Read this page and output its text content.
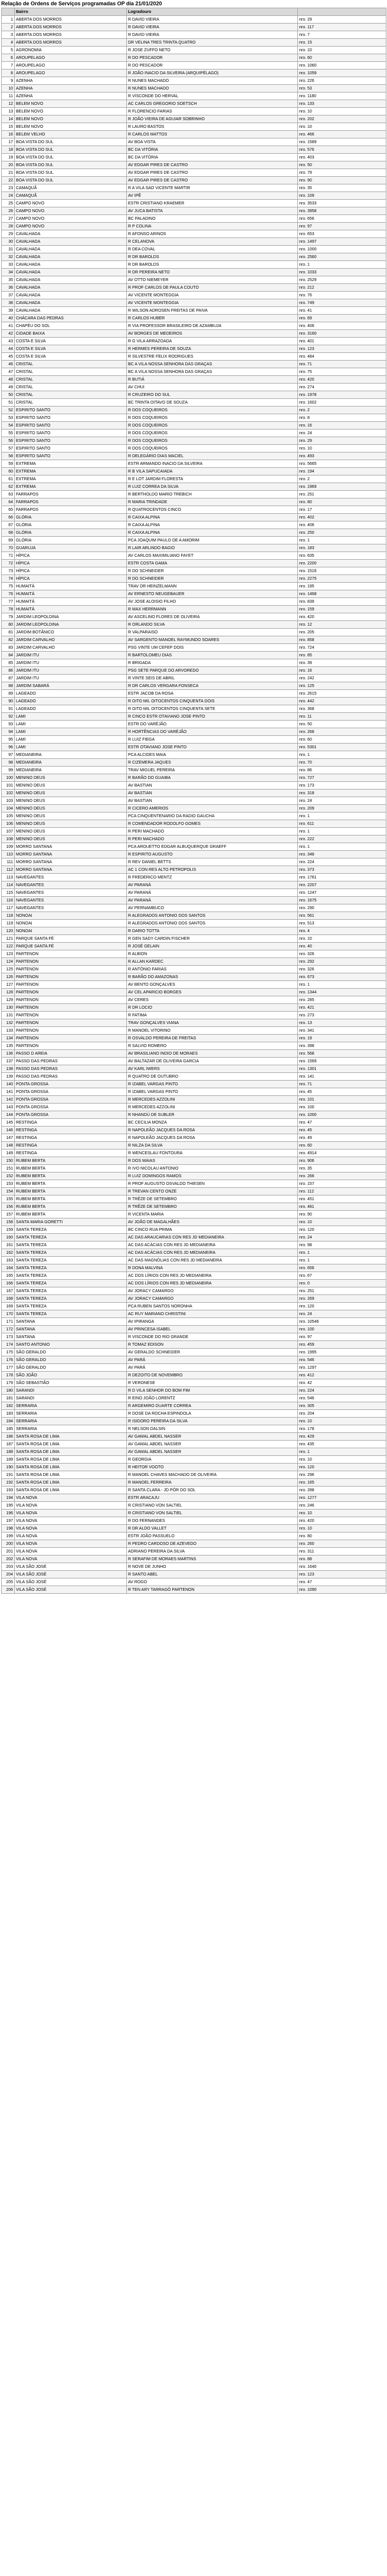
Relação de Ordens de Serviços programadas OP dia 21/01/2020
	Bairro	Logradouro	
1	ABERTA DOS MORROS	R DAVID VIEIRA	nro. 29
2	ABERTA DOS MORROS	R DAVID VIEIRA	nro. 117
3	ABERTA DOS MORROS	R DAVID VIEIRA	nro. 7
4	ABERTA DOS MORROS	DR VELINA TRES TRINTA QUATRO	nro. 15
5	AGRONOMIA	R JOSE ZUFFO NETO	nro. 10
6	AROUPELAGO	R DO PESCADOR	nro. 60
7	AROUPELAGO	R DO PESCADOR	nro. 1060
8	AROUPELAGO	R JOÃO INACIO DA SILVEIRA (ARQUIPÉLAGO)	nro. 1059
9	AZENHA	R NUNES MACHADO	nro. 226
10	AZENHA	R NUNES MACHADO	nro. 53
11	AZENHA	R VISCONDE DO HERVAL	nro. 1180
12	BELEM NOVO	AC CARLOS GREGORIO SOETSCH	nro. 133
13	BELEM NOVO	R FLORENCIO FARIAS	nro. 10
14	BELEM NOVO	R JOÃO VIEIRA DE AGUIAR SOBRINHO	nro. 202
15	BELEM NOVO	R LAURO BASTOS	nro. 10
16	BELEM VELHO	R CARLOS MATTOS	nro. 466
17	BOA VISTA DO SUL	AV BOA VISTA	nro. 1589
18	BOA VISTA DO SUL	BC DA VITÓRIA	nro. 576
19	BOA VISTA DO SUL	BC DA VITÓRIA	nro. 403
20	BOA VISTA DO SUL	AV EDGAR PIRES DE CASTRO	nro. 50
21	BOA VISTA DO SUL	AV EDGAR PIRES DE CASTRO	nro. 79
22	BOA VISTA DO SUL	AV EDGAR PIRES DE CASTRO	nro. 90
23	CAMAQUÃ	R A VILA SAO VICENTE MARTIR	nro. 35
24	CAMAQUÃ	AV IPÊ	nro. 109
25	CAMPO NOVO	ESTR CRISTIANO KRAEMER	nro. 3533
26	CAMPO NOVO	AV JUCA BATISTA	nro. 3958
27	CAMPO NOVO	BC PALADINO	nro. 656
28	CAMPO NOVO	R P COLINA	nro. 97
29	CAVALHADA	R AFONSO ARINOS	nro. 653
30	CAVALHADA	R CELANOVA	nro. 1497
31	CAVALHADA	R DEA COVAL	nro. 1000
32	CAVALHADA	R DR BAROLDS	nro. 2560
33	CAVALHADA	R DR BAROLDS	nro. 1
34	CAVALHADA	R DR PEREIRA NETO	nro. 1033
35	CAVALHADA	AV OTTO NIEMEYER	nro. 2529
36	CAVALHADA	R PROF CARLOS DE PAULA COUTO	nro. 212
37	CAVALHADA	AV VICENTE MONTEGGIA	nro. 76
38	CAVALHADA	AV VICENTE MONTEGGIA	nro. 749
39	CAVALHADA	R WILSON ADROSEN FREITAS DE PAIVA	nro. 41
40	CHÁCARA DAS PEDRAS	R CARLOS HUBER	nro. 69
41	CHAPÉU DO SOL	R VIA PROFESSOR BRASILEIRO DE AZAMBUJA	nro. 406
42	CIDADE BAIXA	AV BORGES DE MEDEIROS	nro. 3160
43	COSTA E SILVA	R G VILA ARRAZOADA	nro. 401
44	COSTA E SILVA	R HERMES PEREIRA DE SOUZA	nro. 123
45	COSTA E SILVA	R SILVESTRE FELIX RODRIGUES	nro. 484
46	CRISTAL	BC A VILA NOSSA SENHORA DAS GRAÇAS	nro. 71
47	CRISTAL	BC A VILA NOSSA SENHORA DAS GRAÇAS	nro. 75
48	CRISTAL	R BUTIÁ	nro. 420
49	CRISTAL	AV CHUI	nro. 274
50	CRISTAL	R CRUZEIRO DO SUL	nro. 1978
51	CRISTAL	BC TRINTA OITAVO DE SOUZA	nro. 1602
52	ESPIRITO SANTO	R DOS COQUEIROS	nro. 2
53	ESPIRITO SANTO	R DOS COQUEIROS	nro. 8
54	ESPIRITO SANTO	R DOS COQUEIROS	nro. 16
55	ESPIRITO SANTO	R DOS COQUEIROS	nro. 24
56	ESPIRITO SANTO	R DOS COQUEIROS	nro. 29
57	ESPIRITO SANTO	R DOS COQUEIROS	nro. 10
58	ESPIRITO SANTO	R DELEGÁRIO DIAS MACIEL	nro. 493
59	EXTREMA	ESTR ARMANDO INACIO DA SILVEIRA	nro. 5665
60	EXTREMA	R B VILA SAPUCAIADA	nro. 194
61	EXTREMA	R E LOT JARDIM FLORESTA	nro. 2
62	EXTREMA	R LUIZ CORREA DA SILVA	nro. 1969
63	FARRAPOS	R BERTHOLDO MARIO TREBICH	nro. 251
64	FARRAPOS	R MARIA TRINDADE	nro. 80
65	FARRAPOS	R QUATROCENTOS CINCO	nro. 17
66	GLÓRIA	R CAIXA ALPINA	nro. 402
67	GLÓRIA	R CAIXA ALPINA	nro. 406
68	GLÓRIA	R CAIXA ALPINA	nro. 250
69	GLÓRIA	PCA JOAQUIM PAULO DE A AMORIM	nro. 1
70	GUARUJA	R LAIR ARLINDO BAGIO	nro. 183
71	HÍPICA	AV CARLOS MAXIMILIANO FAYET	nro. 635
72	HÍPICA	ESTR COSTA GAMA	nro. 2200
73	HÍPICA	R DO SCHNEIDER	nro. 1516
74	HÍPICA	R DO SCHNEIDER	nro. 2275
75	HUMAITÁ	TRAV DR HEINZELMANN	nro. 195
76	HUMAITÁ	AV ERNESTO NEUGEBAUER	nro. 1468
77	HUMAITÁ	AV JOSE ALOISIO FILHO	nro. 839
78	HUMAITÁ	R MAX HERRMANN	nro. 159
79	JARDIM LEOPOLDINA	AV ASCELINO FLORES DE OLIVEIRA	nro. 420
80	JARDIM LEOPOLDINA	R ORLANDO SILVA	nro. 12
81	JARDIM BOTÂNICO	R VALPARAISO	nro. 205
82	JARDIM CARVALHO	AV SARGENTO MANOEL RAYMUNDO SOARES	nro. 858
83	JARDIM CARVALHO	PSG VINTE UM CEFEP DOIS	nro. 724
84	JARDIM ITU	R BARTOLOMEU DIAS	nro. 85
85	JARDIM ITU	R BRIGADA	nro. 39
86	JARDIM ITU	PSG SETE PARQUE DO ARVOREDO	nro. 16
87	JARDIM ITU	R VINTE SEIS DE ABRIL	nro. 242
88	JARDIM SABARÁ	R DR CARLOS VERGARA FONSECA	nro. 125
89	LAGEADO	ESTR JACOB DA ROSA	nro. 2615
90	LAGEADO	R OITO MIL OITOCENTOS CINQUENTA DOIS	nro. 442
91	LAGEADO	R OITO MIL OITOCENTOS CINQUENTA SETE	nro. 368
92	LAMI	R CINCO ESTR OTAVIANO JOSE PINTO	nro. 11
93	LAMI	ESTR DO VARÉJÃO	nro. 50
94	LAMI	R HORTÊNCIAS DO VARÉJÃO	nro. 268
95	LAMI	R LUIZ FIEGA	nro. 60
96	LAMI	ESTR OTAVIANO JOSE PINTO	nro. 5301
97	MEDIANEIRA	PCA ALCIDES MAIA	nro. 1
98	MEDIANEIRA	R CIZEMERA JAQUES	nro. 70
99	MEDIANEIRA	TRAV MIGUEL PEREIRA	nro. 86
100	MENINO DEUS	R BARÃO DO GUAIBA	nro. 727
101	MENINO DEUS	AV BASTIAN	nro. 173
102	MENINO DEUS	AV BASTIAN	nro. 318
103	MENINO DEUS	AV BASTIAN	nro. 24
104	MENINO DEUS	R CICERO AMERIOS	nro. 209
105	MENINO DEUS	PCA CINQUENTENARIO DA RADIO GAUCHA	nro. 1
106	MENINO DEUS	R COMENDADOR RODOLFO GOMES	nro. 611
107	MENINO DEUS	R PERI MACHADO	nro. 1
108	MENINO DEUS	R PERI MACHADO	nro. 222
109	MORRO SANTANA	PCA AROUETTO EDGAR ALBUQUERQUE GRAEFF	nro. 1
110	MORRO SANTANA	R ESPIRITO AUGUSTO	nro. 348
111	MORRO SANTANA	R REV DANIEL BETTS	nro. 224
112	MORRO SANTANA	AC 1 CON RES ALTO PETROPOLIS	nro. 373
113	NAVEGANTES	R FREDERICO MENTZ	nro. 1761
114	NAVEGANTES	AV PARANÁ	nro. 2207
115	NAVEGANTES	AV PARANÁ	nro. 1247
116	NAVEGANTES	AV PARANÁ	nro. 1675
117	NAVEGANTES	AV PERNAMBUCO	nro. 290
118	NONOAI	R ALEGRADOS ANTONIO DOS SANTOS	nro. 561
119	NONOAI	R ALEGRADOS ANTONIO DOS SANTOS	nro. 513
120	NONOAI	R DARIO TOTTA	nro. 4
121	PARQUE SANTA FÉ	R GEN SADY CARDIN FISCHER	nro. 10
122	PARQUE SANTA FÉ	R JOSÉ GELAIN	nro. 40
123	PARTENON	R ALBION	nro. 326
124	PARTENON	R ALLAN KARDEC	nro. 292
125	PARTENON	R ANTÔNIO FARIAS	nro. 326
126	PARTENON	R BARÃO DO AMAZONAS	nro. 673
127	PARTENON	AV BENTO GONÇALVES	nro. 1
128	PARTENON	AV CEL APARICIO BORGES	nro. 1344
129	PARTENON	AV CERES	nro. 285
130	PARTENON	R DR LOCIO	nro. 421
131	PARTENON	R FATIMA	nro. 273
132	PARTENON	TRAV GONÇALVES VIANA	nro. 13
133	PARTENON	R MANOEL VITORINO	nro. 341
134	PARTENON	R OSVALDO PEREIRA DE FREITAS	nro. 19
135	PARTENON	R SALVIO ROMERO	nro. 398
136	PASSO D AREIA	AV BRASILIANO INDIO DE MORAES	nro. 568
137	PASSO DAS PEDRAS	AV BALTAZAR DE OLIVEIRA GARCIA	nro. 1569
138	PASSO DAS PEDRAS	AV KARL IWERS	nro. 1301
139	PASSO DAS PEDRAS	R QUATRO DE OUTUBRO	nro. 141
140	PONTA GROSSA	R IZABEL VARGAS PINTO	nro. 71
141	PONTA GROSSA	R IZABEL VARGAS PINTO	nro. 45
142	PONTA GROSSA	R MERCEDES AZZOLINI	nro. 101
143	PONTA GROSSA	R MERCEDES AZZOLINI	nro. 100
144	PONTA GROSSA	R NHANDÚ DE SUBLER	nro. 1000
145	RESTINGA	BC CECILIA MONZA	nro. 47
146	RESTINGA	R NAPOLEÃO JACQUES DA ROSA	nro. 45
147	RESTINGA	R NAPOLEÃO JACQUES DA ROSA	nro. 49
148	RESTINGA	R NILZA DA SILVA	nro. 60
149	RESTINGA	R WENCESLAU FONTOURA	nro. 4914
150	RUBEM BERTA	R DOS MAIAS	nro. 906
151	RUBEM BERTA	R IVO NICOLAU ANTONIO	nro. 35
152	RUBEM BERTA	R LUIZ DOMINGOS RAMOS	nro. 266
153	RUBEM BERTA	R PROF AUGUSTO OSVALDO THIESEN	nro. 157
154	RUBEM BERTA	R TREVAN CENTO ONZE	nro. 112
155	RUBEM BERTA	R TRÊZE DE SETEMBRO	nro. 451
156	RUBEM BERTA	R TRÊZE DE SETEMBRO	nro. 481
157	RUBEM BERTA	R VICENTA MARIA	nro. 90
158	SANTA MARIA GORETTI	AV JOÃO DE MAGALHÃES	nro. 10
159	SANTA TEREZA	BC CINCO RUA PRIMA	nro. 120
160	SANTA TEREZA	AC DAS ARAUCARIAS CON RES JD MEDIANEIRA	nro. 24
161	SANTA TEREZA	AC DAS ACÁCIAS CON RES JD MEDIANEIRA	nro. 98
162	SANTA TEREZA	AC DAS ACÁCIAS CON RES JD MEDIANEIRA	nro. 1
163	SANTA TEREZA	AC DAS MAGNÓLIAS CON RES JD MEDIANEIRA	nro. 1
164	SANTA TEREZA	R DONA MALVINA	nro. 656
165	SANTA TEREZA	AC DOS LÍRIOS CON RES JD MEDIANEIRA	nro. 67
166	SANTA TEREZA	AC DOS LÍRIOS CON RES JD MEDIANEIRA	nro. 0
167	SANTA TEREZA	AV JORACY CAMARGO	nro. 251
168	SANTA TEREZA	AV JORACY CAMARGO	nro. 269
169	SANTA TEREZA	PCA RUBEN SANTOS NORONHA	nro. 120
170	SANTA TEREZA	AC RUY MARIANO CHRISTINI	nro. 24
171	SANTANA	AV IPIRANGA	nro. 10546
172	SANTANA	AV PRINCESA ISABEL	nro. 100
173	SANTANA	R VISCONDE DO RIO GRANDE	nro. 97
174	SANTO ANTONIO	R TOMAZ EDISON	nro. 459
175	SÃO GERALDO	AV GERALDO SCHNEIDER	nro. 1995
176	SÃO GERALDO	AV PARÁ	nro. 546
177	SÃO GERALDO	AV PARÁ	nro. 1297
178	SÃO JOÃO	R DEZOITO DE NOVEMBRO	nro. 412
179	SÃO SEBASTIÃO	R VERONESE	nro. 42
180	SARANDI	R D VILA SENHOR DO BOM FIM	nro. 224
181	SARANDI	R EINO JOÃO LORENTZ	nro. 546
182	SERRARIA	R ARGEMIRO DUARTE CORREA	nro. 305
183	SERRARIA	R DOSE DA ROCHA ESPINDOLA	nro. 204
184	SERRARIA	R ISIDORO PEREIRA DA SILVA	nro. 10
185	SERRARIA	R NELSON DALSIN	nro. 178
186	SANTA ROSA DE LIMA	AV GAMAL ABDEL NASSER	nro. 429
187	SANTA ROSA DE LIMA	AV GAMAL ABDEL NASSER	nro. 435
188	SANTA ROSA DE LIMA	AV GAMAL ABDEL NASSER	nro. 1
189	SANTA ROSA DE LIMA	R GEORGIA	nro. 10
190	SANTA ROSA DE LIMA	R HEITOR VOOTO	nro. 120
191	SANTA ROSA DE LIMA	R MANOEL CHAVES MACHADO DE OLIVEIRA	nro. 296
192	SANTA ROSA DE LIMA	R MANOEL FERREIRA	nro. 165
193	SANTA ROSA DE LIMA	R SANTA CLARA - JD PÔR DO SOL	nro. 288
194	VILA NOVA	ESTR ARACAJU	nro. 1277
195	VILA NOVA	R CRISTIANO VON SALTIEL	nro. 246
196	VILA NOVA	R CRISTIANO VON SALTIEL	nro. 10
197	VILA NOVA	R DO FERNANDES	nro. 420
198	VILA NOVA	R DR ALDO VALLET	nro. 10
199	VILA NOVA	ESTR JOÃO PASSUELO	nro. 80
200	VILA NOVA	R PEDRO CARDOSO DE AZEVEDO	nro. 260
201	VILA NOVA	ADRIANO PEREIRA DA SILVA	nro. 311
202	VILA NOVA	R SERAFIM DE MORAES MARTINS	nro. 88
203	VILA SÃO JOSÉ	R NOVE DE JUNHO	nro. 1640
204	VILA SÃO JOSÉ	R SANTO ABEL	nro. 123
205	VILA SÃO JOSÉ	AV ROGO	nro. 47
206	VILA SÃO JOSÉ	R TEN ARY TARRAGÔ PARTENON	nro. 1090
